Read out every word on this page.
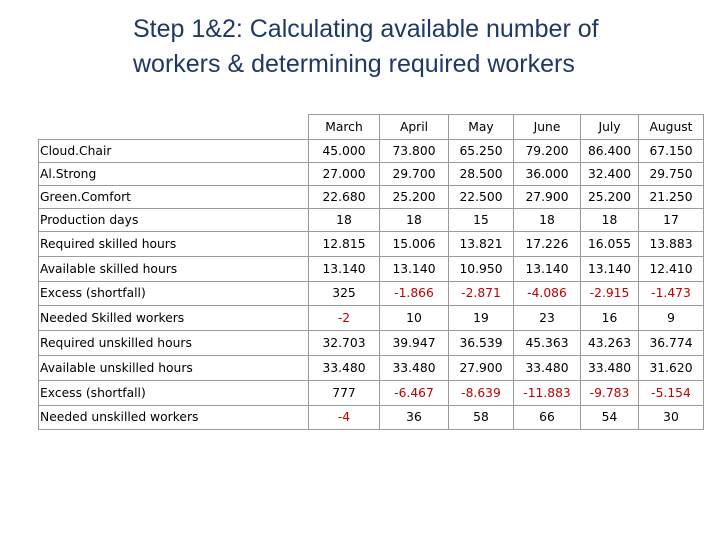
Step 1&2: Calculating available number of
workers & determining required workers
	March	April	May	June	July	August
Cloud.Chair	45.000	73.800	65.250	79.200	86.400	67.150
Al.Strong	27.000	29.700	28.500	36.000	32.400	29.750
Green.Comfort	22.680	25.200	22.500	27.900	25.200	21.250
Production days	18	18	15	18	18	17
Required skilled hours	12.815	15.006	13.821	17.226	16.055	13.883
Available skilled hours	13.140	13.140	10.950	13.140	13.140	12.410
Excess (shortfall)	325	-1.866	-2.871	-4.086	-2.915	-1.473
Needed Skilled workers	-2	10	19	23	16	9
Required unskilled hours	32.703	39.947	36.539	45.363	43.263	36.774
Available unskilled hours	33.480	33.480	27.900	33.480	33.480	31.620
Excess (shortfall)	777	-6.467	-8.639	-11.883	-9.783	-5.154
Needed unskilled workers	-4	36	58	66	54	30
